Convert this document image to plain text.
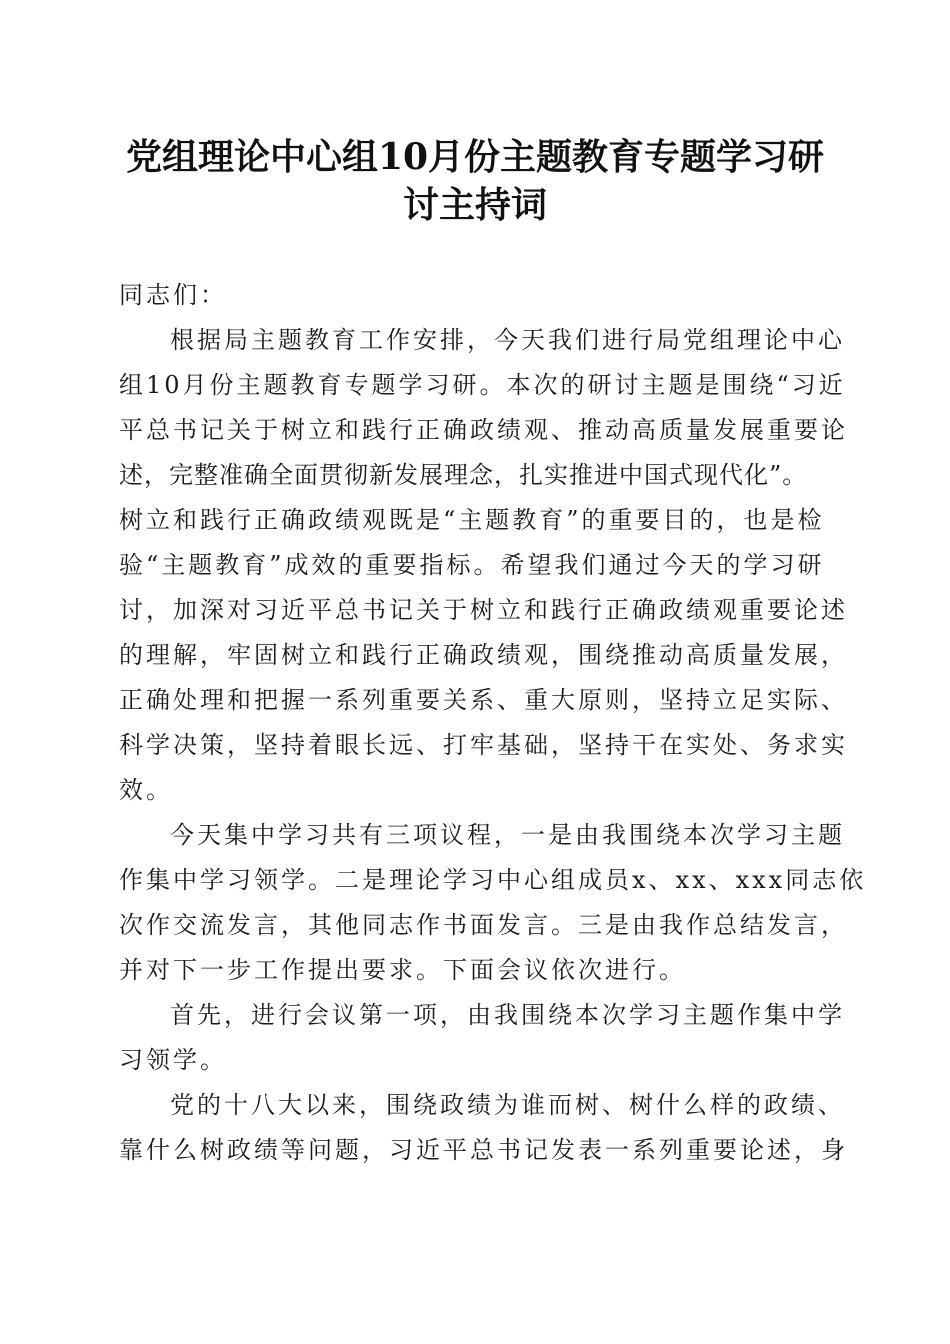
党组理论中心组10月份主题教育专题学习研
讨主持词
同志们：
根据局主题教育工作安排，今天我们进行局党组理论中心
组10月份主题教育专题学习研。本次的研讨主题是围绕“习近
平总书记关于树立和践行正确政绩观、推动高质量发展重要论
述，完整准确全面贯彻新发展理念，扎实推进中国式现代化”。
树立和践行正确政绩观既是“主题教育”的重要目的，也是检
验“主题教育”成效的重要指标。希望我们通过今天的学习研
讨，加深对习近平总书记关于树立和践行正确政绩观重要论述
的理解，牢固树立和践行正确政绩观，围绕推动高质量发展，
正确处理和把握一系列重要关系、重大原则，坚持立足实际、
科学决策，坚持着眼长远、打牢基础，坚持干在实处、务求实
效。
今天集中学习共有三项议程，一是由我围绕本次学习主题
作集中学习领学。二是理论学习中心组成员x、xx、xxx同志依
次作交流发言，其他同志作书面发言。三是由我作总结发言，
并对下一步工作提出要求。下面会议依次进行。
首先，进行会议第一项，由我围绕本次学习主题作集中学
习领学。
党的十八大以来，围绕政绩为谁而树、树什么样的政绩、
靠什么树政绩等问题，习近平总书记发表一系列重要论述，身
